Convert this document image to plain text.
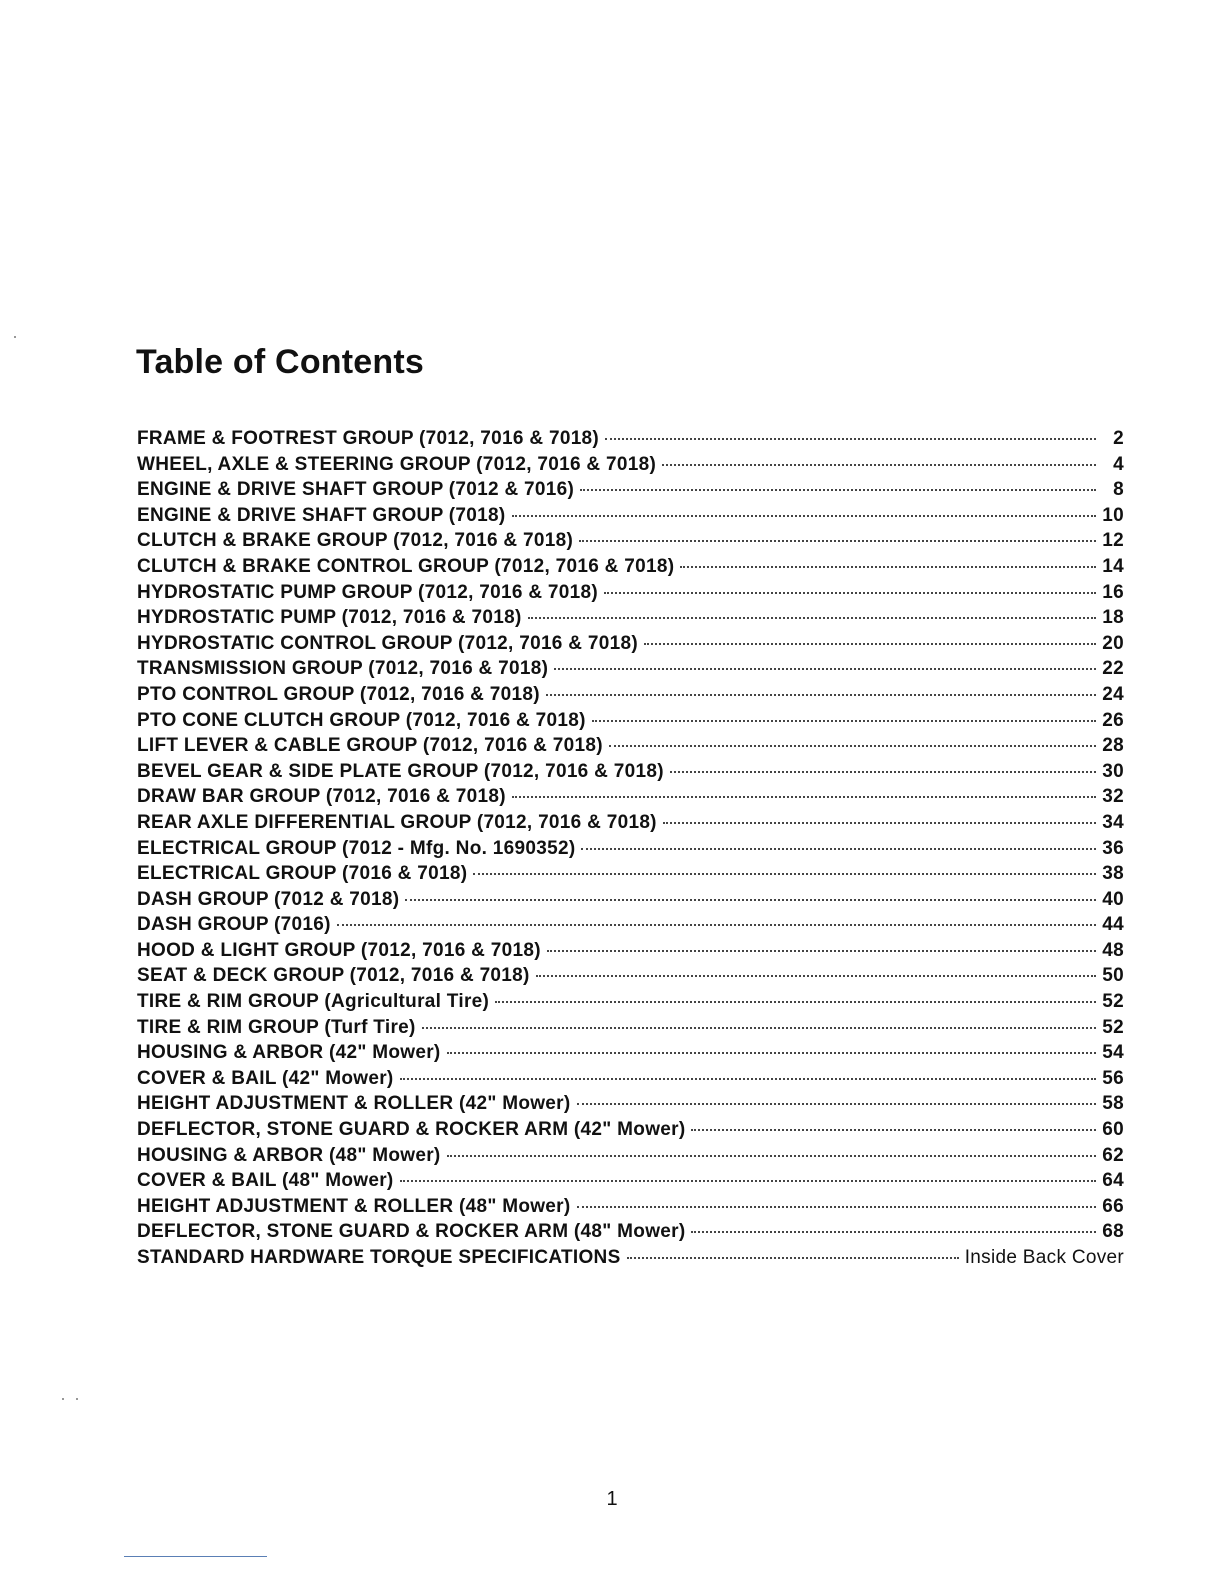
Table of Contents
FRAME & FOOTREST GROUP (7012, 7016 & 7018)	2
WHEEL, AXLE & STEERING GROUP (7012, 7016 & 7018)	4
ENGINE & DRIVE SHAFT GROUP (7012 & 7016)	8
ENGINE & DRIVE SHAFT GROUP (7018)	10
CLUTCH & BRAKE GROUP (7012, 7016 & 7018)	12
CLUTCH & BRAKE CONTROL GROUP (7012, 7016 & 7018)	14
HYDROSTATIC PUMP GROUP (7012, 7016 & 7018)	16
HYDROSTATIC PUMP (7012, 7016 & 7018)	18
HYDROSTATIC CONTROL GROUP (7012, 7016 & 7018)	20
TRANSMISSION GROUP (7012, 7016 & 7018)	22
PTO CONTROL GROUP (7012, 7016 & 7018)	24
PTO CONE CLUTCH GROUP (7012, 7016 & 7018)	26
LIFT LEVER & CABLE GROUP (7012, 7016 & 7018)	28
BEVEL GEAR & SIDE PLATE GROUP (7012, 7016 & 7018)	30
DRAW BAR GROUP (7012, 7016 & 7018)	32
REAR AXLE DIFFERENTIAL GROUP (7012, 7016 & 7018)	34
ELECTRICAL GROUP (7012 - Mfg. No. 1690352)	36
ELECTRICAL GROUP (7016 & 7018)	38
DASH GROUP (7012 & 7018)	40
DASH GROUP (7016)	44
HOOD & LIGHT GROUP (7012, 7016 & 7018)	48
SEAT & DECK GROUP (7012, 7016 & 7018)	50
TIRE & RIM GROUP (Agricultural Tire)	52
TIRE & RIM GROUP (Turf Tire)	52
HOUSING & ARBOR (42" Mower)	54
COVER & BAIL (42" Mower)	56
HEIGHT ADJUSTMENT & ROLLER (42" Mower)	58
DEFLECTOR, STONE GUARD & ROCKER ARM (42" Mower)	60
HOUSING & ARBOR (48" Mower)	62
COVER & BAIL (48" Mower)	64
HEIGHT ADJUSTMENT & ROLLER (48" Mower)	66
DEFLECTOR, STONE GUARD & ROCKER ARM (48" Mower)	68
STANDARD HARDWARE TORQUE SPECIFICATIONS	Inside Back Cover
1
